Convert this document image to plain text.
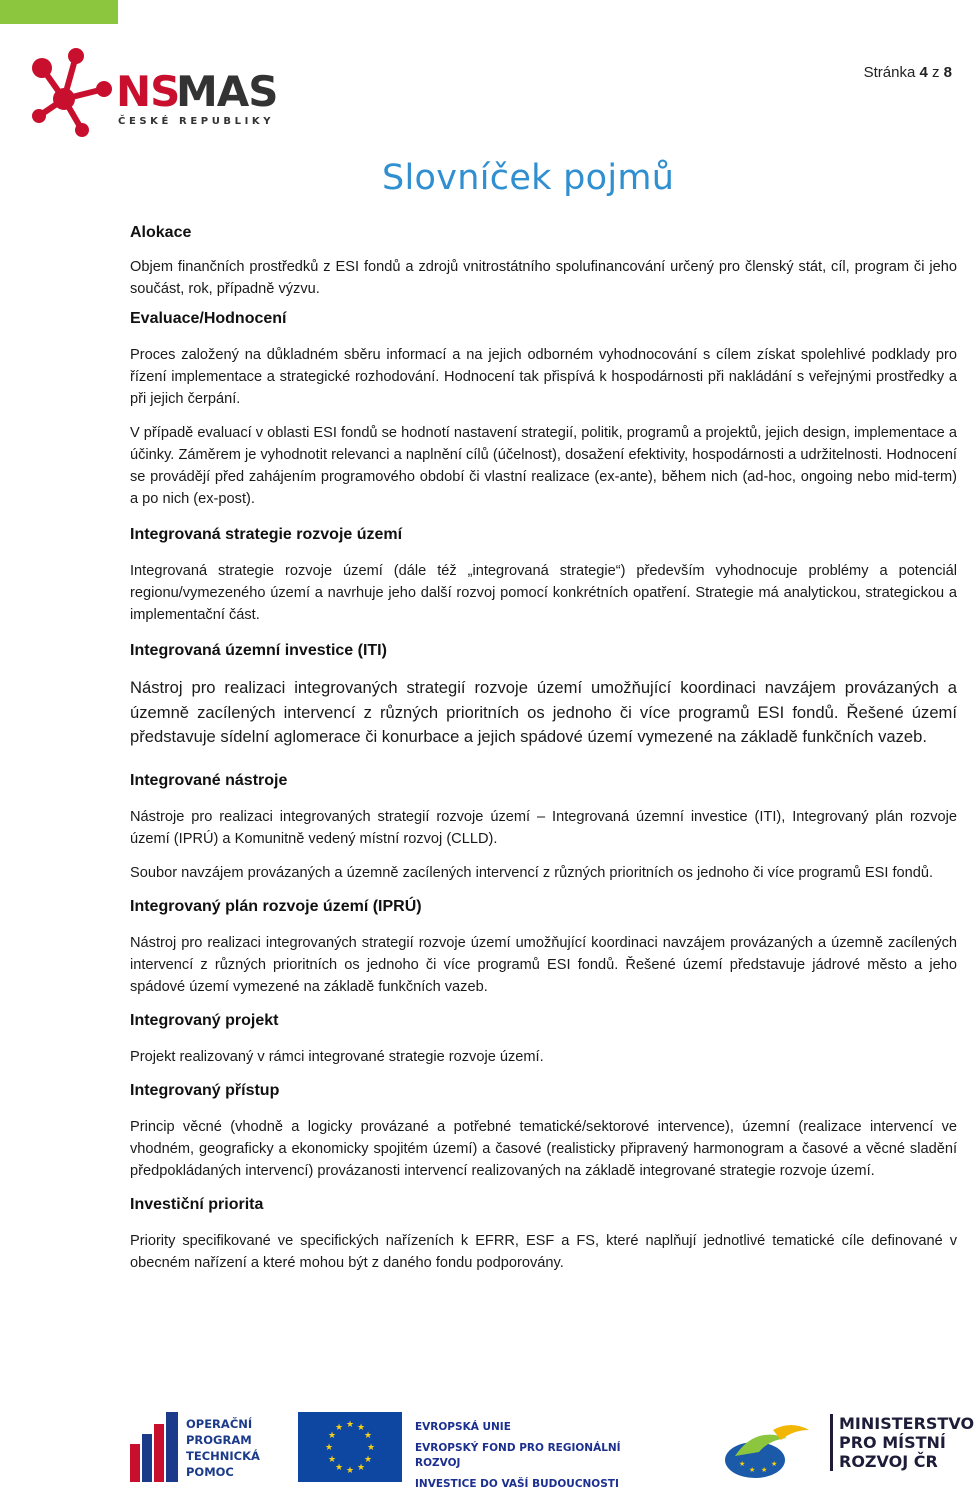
Stránka 4 z 8
NS
MAS
ČESKÉ REPUBLIKY
Slovníček pojmů

Alokace

Objem finančních prostředků z ESI fondů a zdrojů vnitrostátního spolufinancování určený pro členský stát, cíl, program či jeho součást, rok, případně výzvu.

Evaluace/Hodnocení

Proces založený na důkladném sběru informací a na jejich odborném vyhodnocování s cílem získat spolehlivé podklady pro řízení implementace a strategické rozhodování. Hodnocení tak přispívá k hospodárnosti při nakládání s veřejnými prostředky a při jejich čerpání.

V případě evaluací v oblasti ESI fondů se hodnotí nastavení strategií, politik, programů a projektů, jejich design, implementace a účinky. Záměrem je vyhodnotit relevanci a naplnění cílů (účelnost), dosažení efektivity, hospodárnosti a udržitelnosti. Hodnocení se provádějí před zahájením programového období či vlastní realizace (ex-ante), během nich (ad-hoc, ongoing nebo mid-term) a po nich (ex-post).

Integrovaná strategie rozvoje území

Integrovaná strategie rozvoje území (dále též „integrovaná strategie“) především vyhodnocuje problémy a potenciál regionu/vymezeného území a navrhuje jeho další rozvoj pomocí konkrétních opatření. Strategie má analytickou, strategickou a implementační část.

Integrovaná územní investice (ITI)

Nástroj pro realizaci integrovaných strategií rozvoje území umožňující koordinaci navzájem provázaných a územně zacílených intervencí z různých prioritních os jednoho či více programů ESI fondů. Řešené území představuje sídelní aglomerace či konurbace a jejich spádové území vymezené na základě funkčních vazeb.

Integrované nástroje

Nástroje pro realizaci integrovaných strategií rozvoje území – Integrovaná územní investice (ITI), Integrovaný plán rozvoje území (IPRÚ) a Komunitně vedený místní rozvoj (CLLD).

Soubor navzájem provázaných a územně zacílených intervencí z různých prioritních os jednoho či více programů ESI fondů.

Integrovaný plán rozvoje území (IPRÚ)

Nástroj pro realizaci integrovaných strategií rozvoje území umožňující koordinaci navzájem provázaných a územně zacílených intervencí z různých prioritních os jednoho či více programů ESI fondů. Řešené území představuje jádrové město a jeho spádové území vymezené na základě funkčních vazeb.

Integrovaný projekt

Projekt realizovaný v rámci integrované strategie rozvoje území.

Integrovaný přístup

Princip věcné (vhodně a logicky provázané a potřebné tematické/sektorové intervence), územní (realizace intervencí ve vhodném, geograficky a ekonomicky spojitém území) a časové (realisticky připravený harmonogram a časové a věcné sladění předpokládaných intervencí) provázanosti intervencí realizovaných na základě integrované strategie rozvoje území.

Investiční priorita

Priority specifikované ve specifických nařízeních k EFRR, ESF a FS, které naplňují jednotlivé tematické cíle definované v obecném nařízení a které mohou být z daného fondu podporovány.

OPERAČNÍ
PROGRAM
TECHNICKÁ
POMOC
★ ★
★
★
★
★
★
★
★
★
★
★	EVROPSKÁ UNIE
EVROPSKÝ FOND PRO REGIONÁLNÍ ROZVOJ
INVESTICE DO VAŠÍ BUDOUCNOSTI
★
★ ★
★
MINISTERSTVO
PRO MÍSTNÍ
ROZVOJ ČR
